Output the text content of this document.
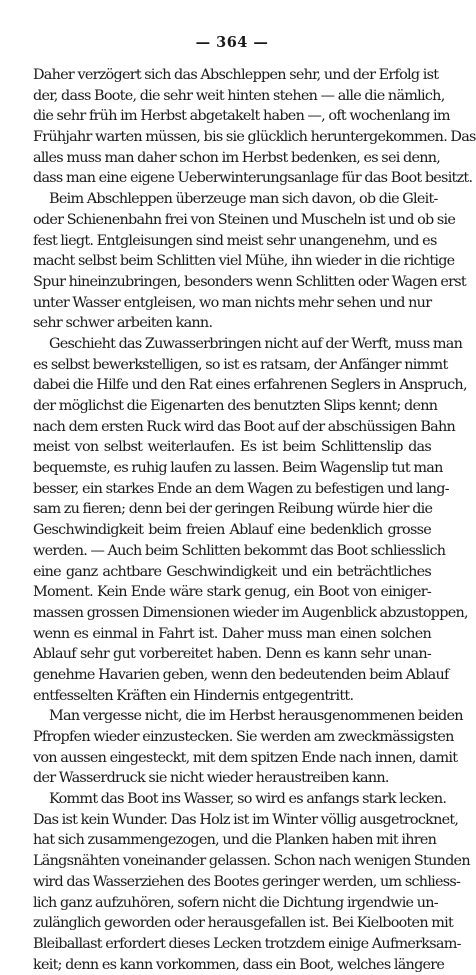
— 364 —
Daher verzögert sich das Abschleppen sehr, und der Erfolg ist
der, dass Boote, die sehr weit hinten stehen — alle die nämlich,
die sehr früh im Herbst abgetakelt haben —, oft wochenlang im
Frühjahr warten müssen, bis sie glücklich heruntergekommen. Das
alles muss man daher schon im Herbst bedenken, es sei denn,
dass man eine eigene Ueberwinterungsanlage für das Boot besitzt.
Beim Abschleppen überzeuge man sich davon, ob die Gleit-
oder Schienenbahn frei von Steinen und Muscheln ist und ob sie
fest liegt. Entgleisungen sind meist sehr unangenehm, und es
macht selbst beim Schlitten viel Mühe, ihn wieder in die richtige
Spur hineinzubringen, besonders wenn Schlitten oder Wagen erst
unter Wasser entgleisen, wo man nichts mehr sehen und nur
sehr schwer arbeiten kann.
Geschieht das Zuwasserbringen nicht auf der Werft, muss man
es selbst bewerkstelligen, so ist es ratsam, der Anfänger nimmt
dabei die Hilfe und den Rat eines erfahrenen Seglers in Anspruch,
der möglichst die Eigenarten des benutzten Slips kennt; denn
nach dem ersten Ruck wird das Boot auf der abschüssigen Bahn
meist von selbst weiterlaufen. Es ist beim Schlittenslip das
bequemste, es ruhig laufen zu lassen. Beim Wagenslip tut man
besser, ein starkes Ende an dem Wagen zu befestigen und lang-
sam zu fieren; denn bei der geringen Reibung würde hier die
Geschwindigkeit beim freien Ablauf eine bedenklich grosse
werden. — Auch beim Schlitten bekommt das Boot schliesslich
eine ganz achtbare Geschwindigkeit und ein beträchtliches
Moment. Kein Ende wäre stark genug, ein Boot von einiger-
massen grossen Dimensionen wieder im Augenblick abzustoppen,
wenn es einmal in Fahrt ist. Daher muss man einen solchen
Ablauf sehr gut vorbereitet haben. Denn es kann sehr unan-
genehme Havarien geben, wenn den bedeutenden beim Ablauf
entfesselten Kräften ein Hindernis entgegentritt.
Man vergesse nicht, die im Herbst herausgenommenen beiden
Pfropfen wieder einzustecken. Sie werden am zweckmässigsten
von aussen eingesteckt, mit dem spitzen Ende nach innen, damit
der Wasserdruck sie nicht wieder heraustreiben kann.
Kommt das Boot ins Wasser, so wird es anfangs stark lecken.
Das ist kein Wunder. Das Holz ist im Winter völlig ausgetrocknet,
hat sich zusammengezogen, und die Planken haben mit ihren
Längsnähten voneinander gelassen. Schon nach wenigen Stunden
wird das Wasserziehen des Bootes geringer werden, um schliess-
lich ganz aufzuhören, sofern nicht die Dichtung irgendwie un-
zulänglich geworden oder herausgefallen ist. Bei Kielbooten mit
Bleiballast erfordert dieses Lecken trotzdem einige Aufmerksam-
keit; denn es kann vorkommen, dass ein Boot, welches längere
